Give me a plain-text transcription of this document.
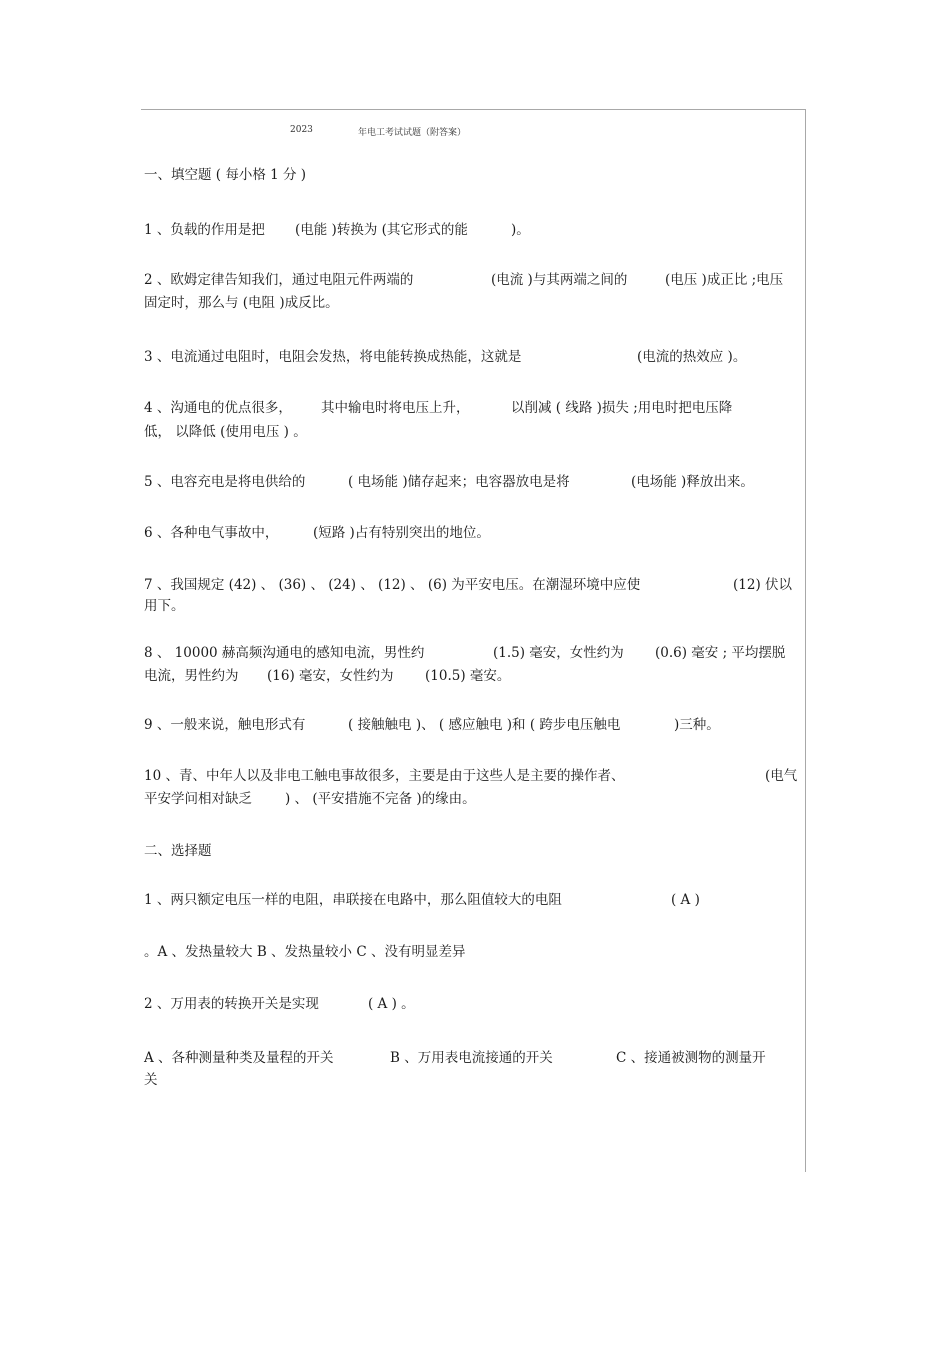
2023	年电工考试试题（附答案）
一、填空题 ( 每小格 1 分 )
1 、负载的作用是把 (电能 )转换为 (其它形式的能	)。
2 、欧姆定律告知我们，通过电阻元件两端的	(电流 )与其两端之间的	(电压 )成正比 ;电压
固定时，那么与 (电阻 )成反比。
3 、电流通过电阻时，电阻会发热，将电能转换成热能，这就是	(电流的热效应 )。
4 、沟通电的优点很多， 其中输电时将电压上升，	以削减 ( 线路 )损失 ;用电时把电压降
低， 以降低 (使用电压 ) 。
5 、电容充电是将电供给的	( 电场能 )储存起来；电容器放电是将	(电场能 )释放出来。
6 、各种电气事故中，	(短路 )占有特别突出的地位。
7 、我国规定 (42) 、 (36) 、 (24) 、 (12) 、 (6) 为平安电压。在潮湿环境中应使	(12) 伏以
用下。
8 、 10000 赫高频沟通电的感知电流，男性约	(1.5) 毫安，女性约为 (0.6) 毫安 ; 平均摆脱
电流，男性约为 (16) 毫安，女性约为 (10.5) 毫安。
9 、一般来说，触电形式有	( 接触触电 )、 ( 感应触电 )和 ( 跨步电压触电	)三种。
10 、青、中年人以及非电工触电事故很多，主要是由于这些人是主要的操作者、	(电气
平安学问相对缺乏 ) 、 (平安措施不完备 )的缘由。
二、选择题
1 、两只额定电压一样的电阻，串联接在电路中，那么阻值较大的电阻	( A )
。A 、发热量较大 B 、发热量较小 C 、没有明显差异
2 、万用表的转换开关是实现	( A ) 。
A 、各种测量种类及量程的开关	B 、万用表电流接通的开关	C 、接通被测物的测量开
关
